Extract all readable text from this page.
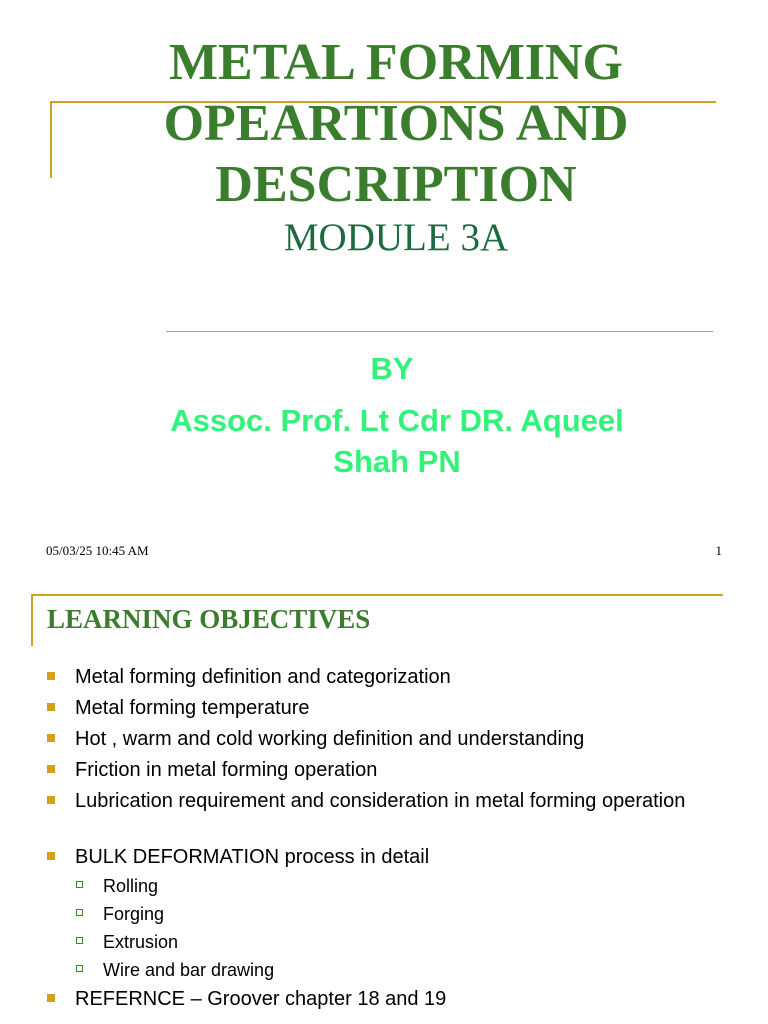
METAL FORMING
OPEARTIONS AND
DESCRIPTION
MODULE 3A
BY
Assoc. Prof. Lt Cdr DR. Aqueel
Shah PN
05/03/25 10:45 AM	1
LEARNING OBJECTIVES
Metal forming definition and categorization
Metal forming temperature
Hot , warm and cold working definition and understanding
Friction in metal forming operation
Lubrication requirement and consideration in metal forming operation
BULK DEFORMATION process in detail
Rolling
Forging
Extrusion
Wire and bar drawing
REFERNCE – Groover chapter 18 and 19
